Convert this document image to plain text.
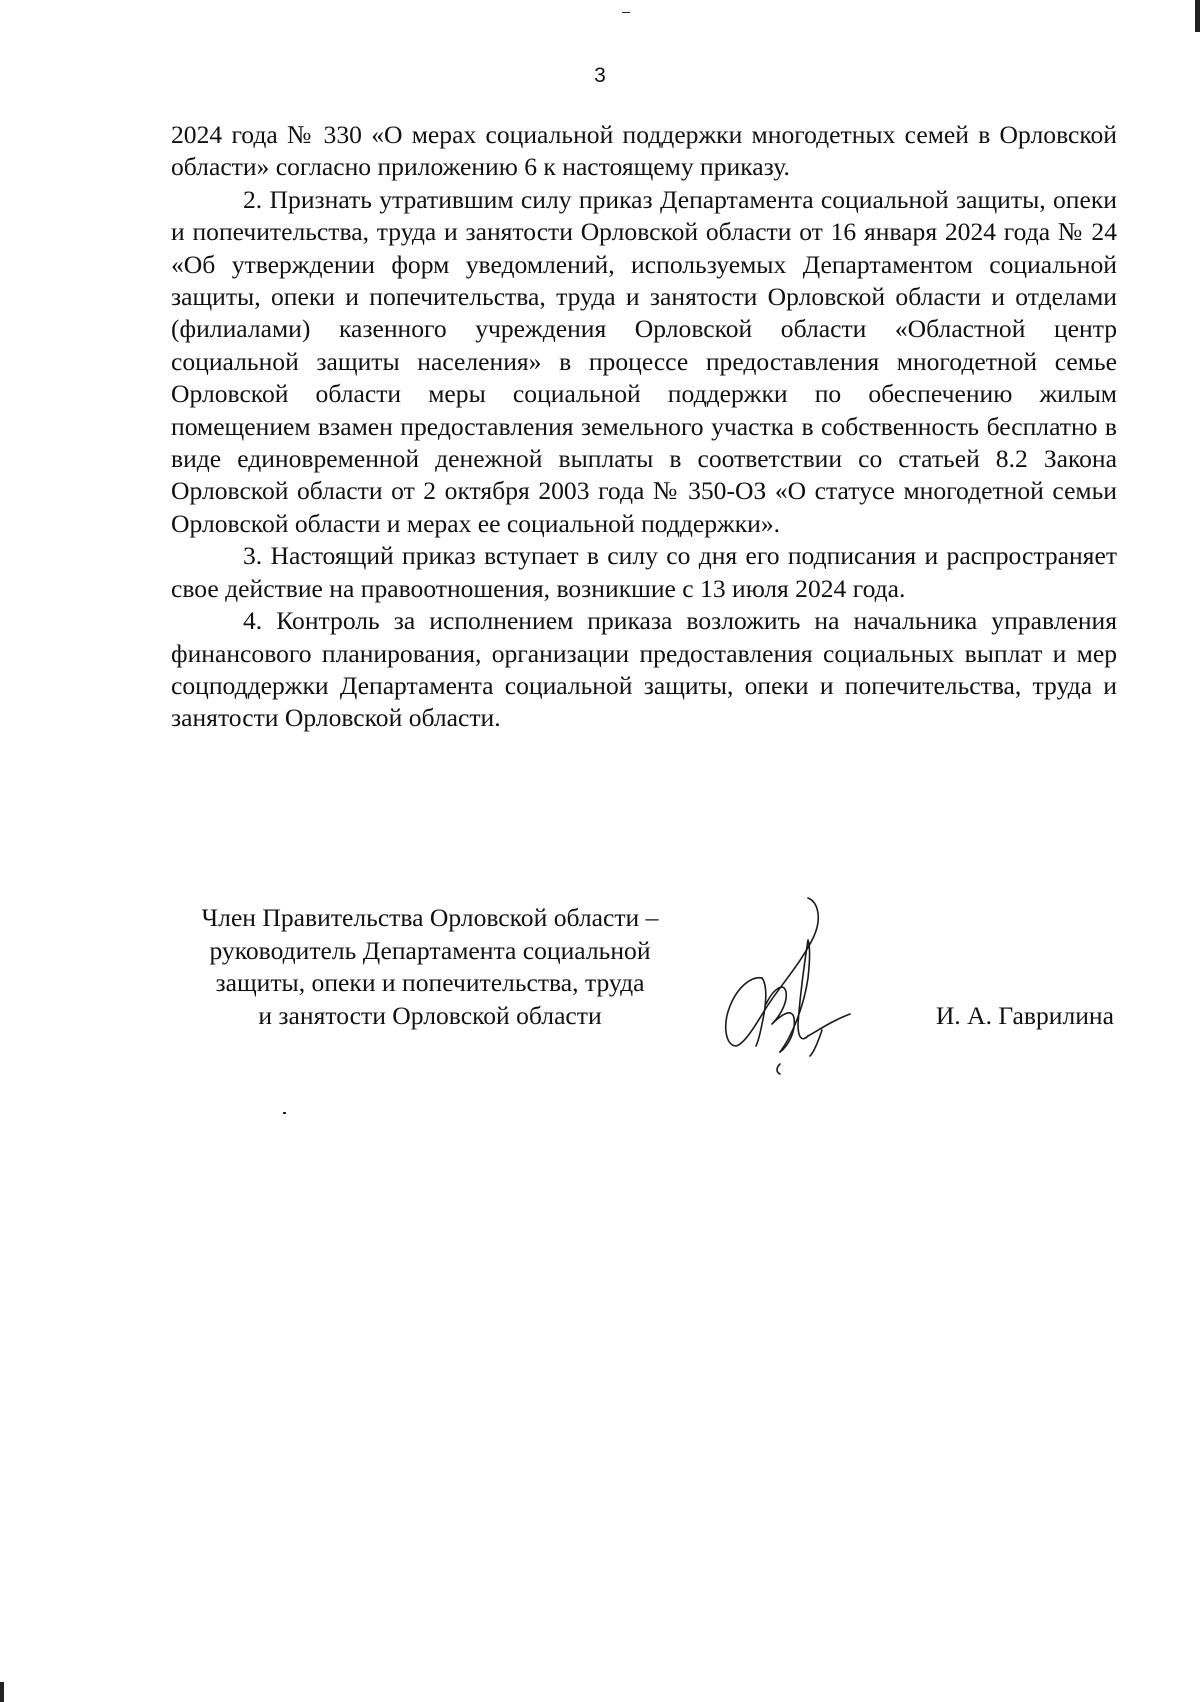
3

2024 года № 330 «О мерах социальной поддержки многодетных семей в Орловской области» согласно приложению 6 к настоящему приказу.

2. Признать утратившим силу приказ Департамента социальной защиты, опеки и попечительства, труда и занятости Орловской области от 16 января 2024 года № 24 «Об утверждении форм уведомлений, используемых Департаментом социальной защиты, опеки и попечительства, труда и занятости Орловской области и отделами (филиалами) казенного учреждения Орловской области «Областной центр социальной защиты населения» в процессе предоставления многодетной семье Орловской области меры социальной поддержки по обеспечению жилым помещением взамен предоставления земельного участка в собственность бесплатно в виде единовременной денежной выплаты в соответствии со статьей 8.2 Закона Орловской области от 2 октября 2003 года № 350-ОЗ «О статусе многодетной семьи Орловской области и мерах ее социальной поддержки».

3. Настоящий приказ вступает в силу со дня его подписания и распространяет свое действие на правоотношения, возникшие с 13 июля 2024 года.

4. Контроль за исполнением приказа возложить на начальника управления финансового планирования, организации предоставления социальных выплат и мер соцподдержки Департамента социальной защиты, опеки и попечительства, труда и занятости Орловской области.

Член Правительства Орловской области –
руководитель Департамента социальной
защиты, опеки и попечительства, труда
и занятости Орловской области	И. А. Гаврилина
